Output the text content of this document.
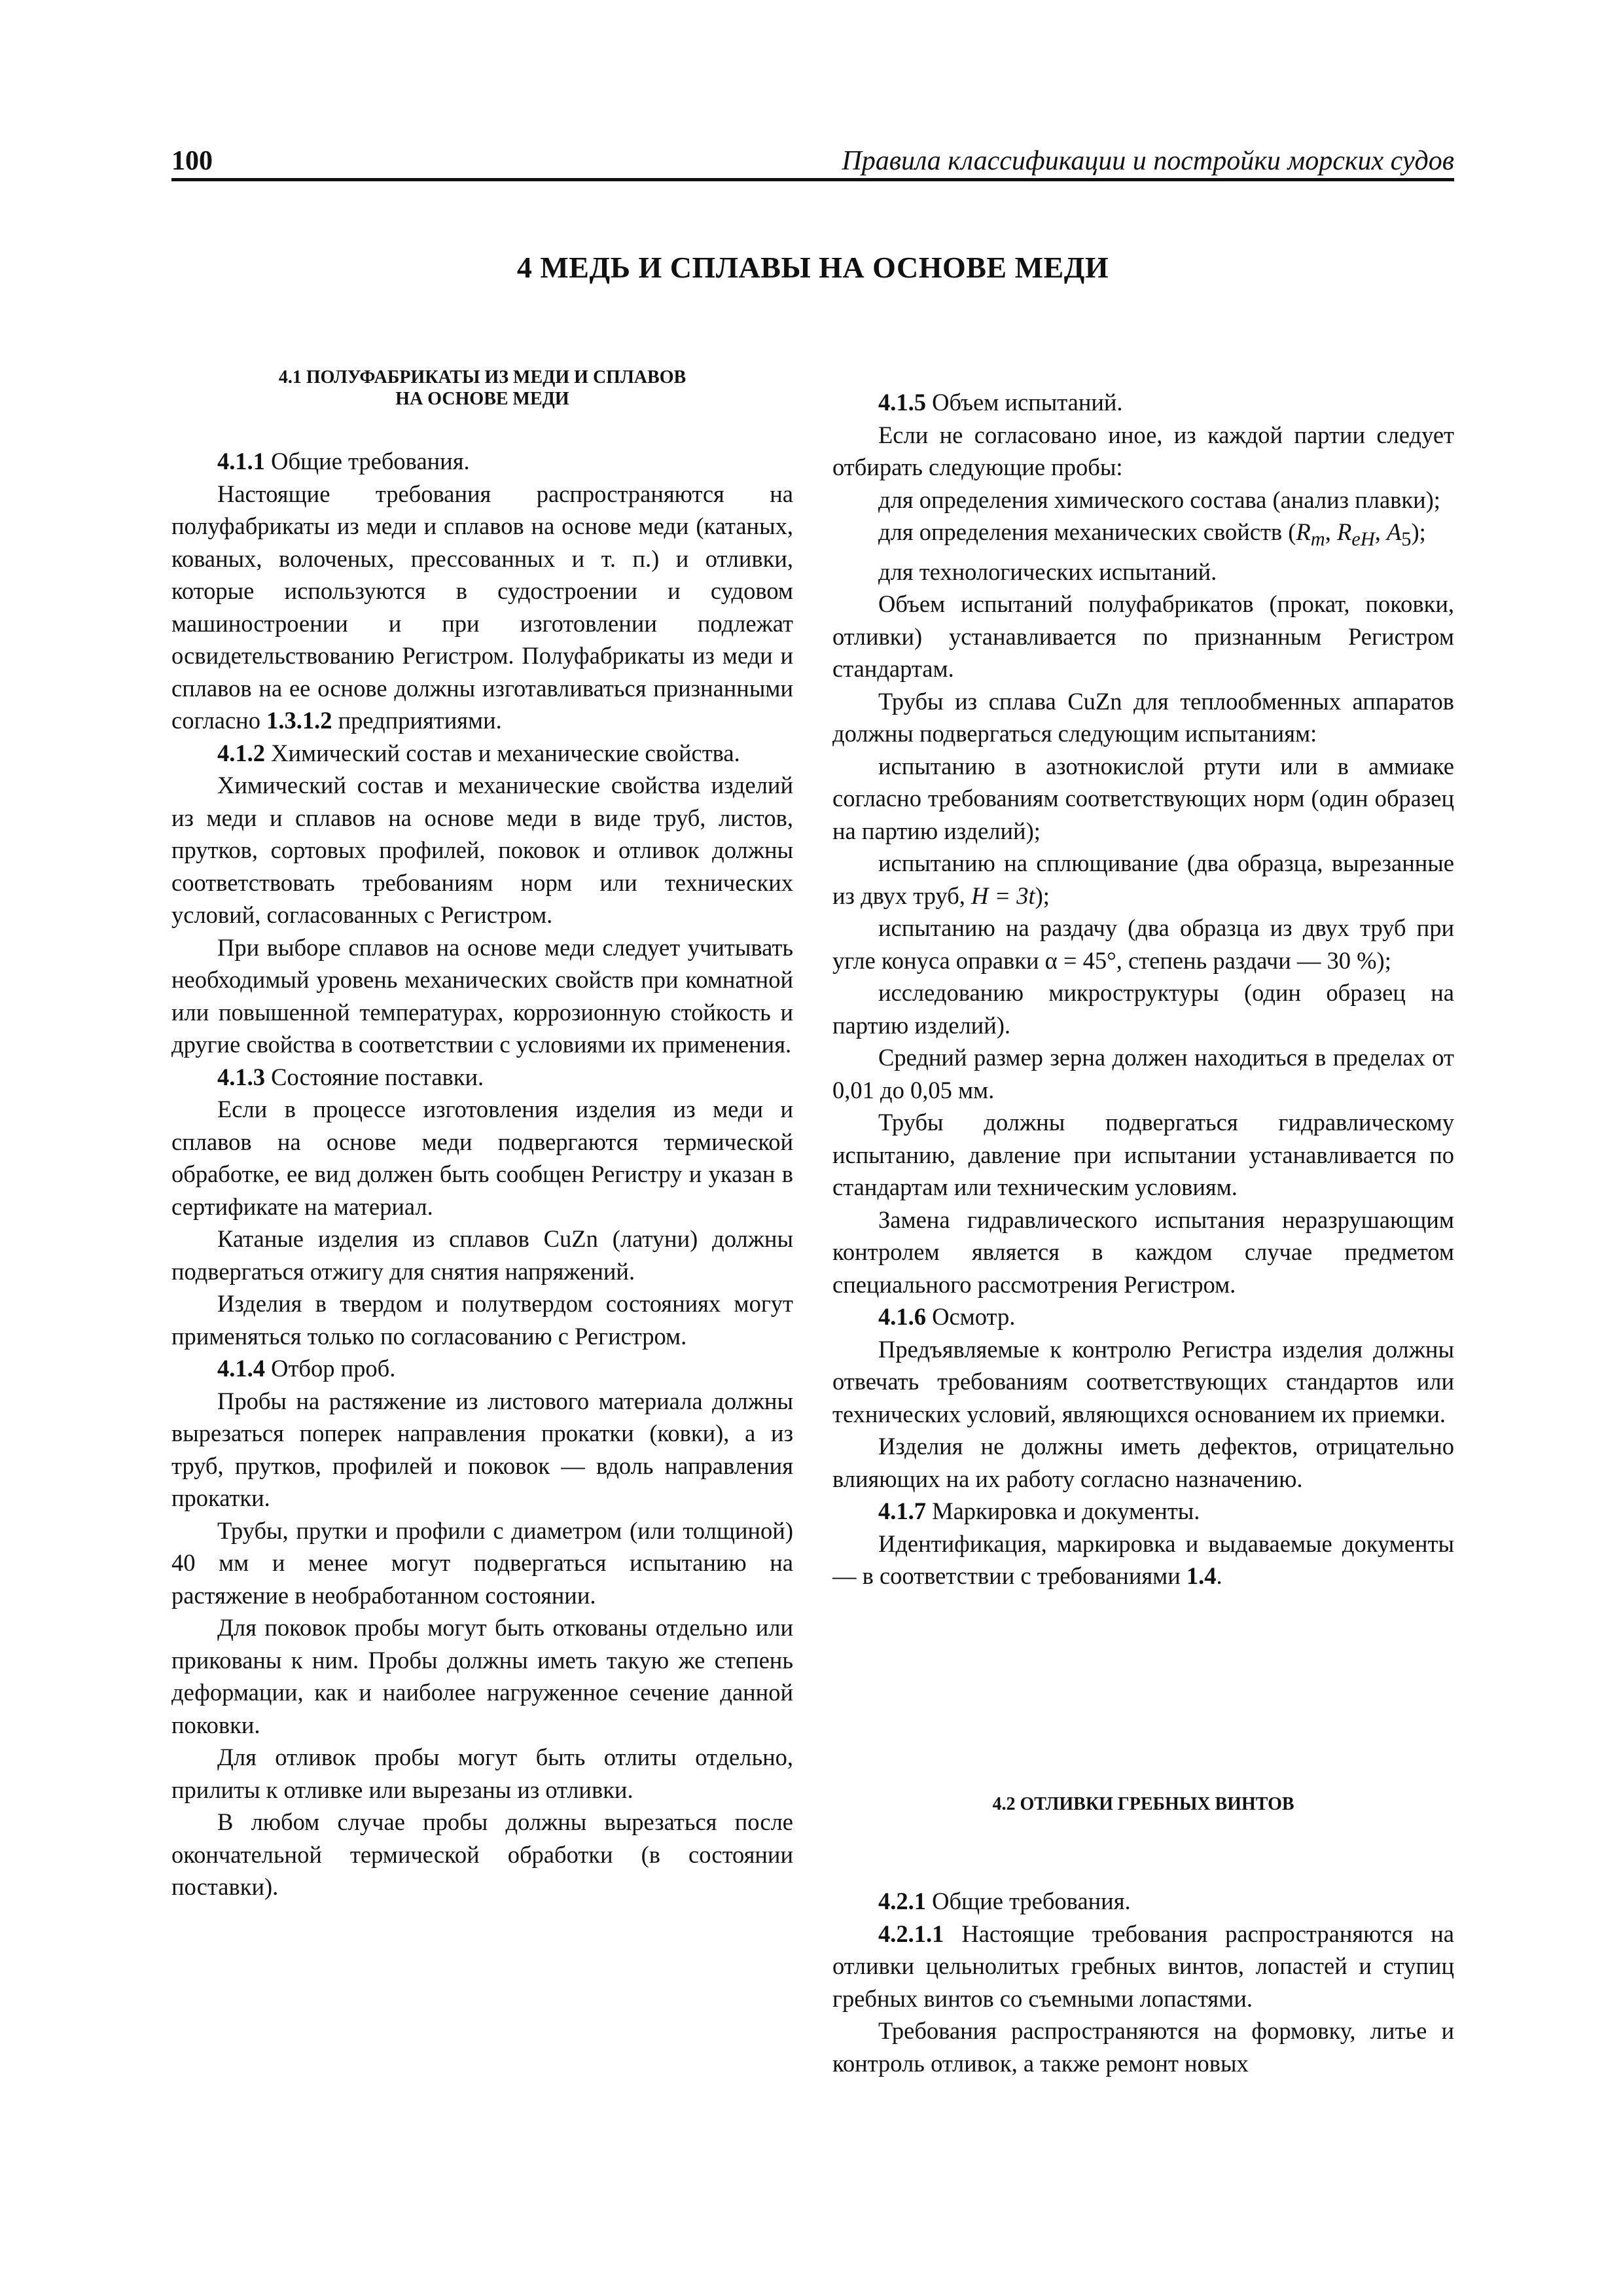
100	Правила классификации и постройки морских судов
4 МЕДЬ И СПЛАВЫ НА ОСНОВЕ МЕДИ
4.1 ПОЛУФАБРИКАТЫ ИЗ МЕДИ И СПЛАВОВ
НА ОСНОВЕ МЕДИ

4.1.1 Общие требования.

Настоящие требования распространяются на полуфабрикаты из меди и сплавов на основе меди (катаных, кованых, волоченых, прессованных и т. п.) и отливки, которые используются в судостроении и судовом машиностроении и при изготовлении подлежат освидетельствованию Регистром. Полуфабрикаты из меди и сплавов на ее основе должны изготавливаться признанными согласно 1.3.1.2 предприятиями.

4.1.2 Химический состав и механические свойства.

Химический состав и механические свойства изделий из меди и сплавов на основе меди в виде труб, листов, прутков, сортовых профилей, поковок и отливок должны соответствовать требованиям норм или технических условий, согласованных с Регистром.

При выборе сплавов на основе меди следует учитывать необходимый уровень механических свойств при комнатной или повышенной температурах, коррозионную стойкость и другие свойства в соответствии с условиями их применения.

4.1.3 Состояние поставки.

Если в процессе изготовления изделия из меди и сплавов на основе меди подвергаются термической обработке, ее вид должен быть сообщен Регистру и указан в сертификате на материал.

Катаные изделия из сплавов CuZn (латуни) должны подвергаться отжигу для снятия напряжений.

Изделия в твердом и полутвердом состояниях могут применяться только по согласованию с Регистром.

4.1.4 Отбор проб.

Пробы на растяжение из листового материала должны вырезаться поперек направления прокатки (ковки), а из труб, прутков, профилей и поковок — вдоль направления прокатки.

Трубы, прутки и профили с диаметром (или толщиной) 40 мм и менее могут подвергаться испытанию на растяжение в необработанном состоянии.

Для поковок пробы могут быть откованы отдельно или прикованы к ним. Пробы должны иметь такую же степень деформации, как и наиболее нагруженное сечение данной поковки.

Для отливок пробы могут быть отлиты отдельно, прилиты к отливке или вырезаны из отливки.

В любом случае пробы должны вырезаться после окончательной термической обработки (в состоянии поставки).

4.1.5 Объем испытаний.

Если не согласовано иное, из каждой партии следует отбирать следующие пробы:

для определения химического состава (анализ плавки);

для определения механических свойств ($R_m$, $R_{eH}$, $A_5$);

для технологических испытаний.

Объем испытаний полуфабрикатов (прокат, поковки, отливки) устанавливается по признанным Регистром стандартам.

Трубы из сплава CuZn для теплообменных аппаратов должны подвергаться следующим испытаниям:

испытанию в азотнокислой ртути или в аммиаке согласно требованиям соответствующих норм (один образец на партию изделий);

испытанию на сплющивание (два образца, вырезанные из двух труб, H = 3t);

испытанию на раздачу (два образца из двух труб при угле конуса оправки α = 45°, степень раздачи — 30 %);

исследованию микроструктуры (один образец на партию изделий).

Средний размер зерна должен находиться в пределах от 0,01 до 0,05 мм.

Трубы должны подвергаться гидравлическому испытанию, давление при испытании устанавливается по стандартам или техническим условиям.

Замена гидравлического испытания неразрушающим контролем является в каждом случае предметом специального рассмотрения Регистром.

4.1.6 Осмотр.

Предъявляемые к контролю Регистра изделия должны отвечать требованиям соответствующих стандартов или технических условий, являющихся основанием их приемки.

Изделия не должны иметь дефектов, отрицательно влияющих на их работу согласно назначению.

4.1.7 Маркировка и документы.

Идентификация, маркировка и выдаваемые документы — в соответствии с требованиями 1.4.

4.2 ОТЛИВКИ ГРЕБНЫХ ВИНТОВ

4.2.1 Общие требования.

4.2.1.1 Настоящие требования распространяются на отливки цельнолитых гребных винтов, лопастей и ступиц гребных винтов со съемными лопастями.

Требования распространяются на формовку, литье и контроль отливок, а также ремонт новых
